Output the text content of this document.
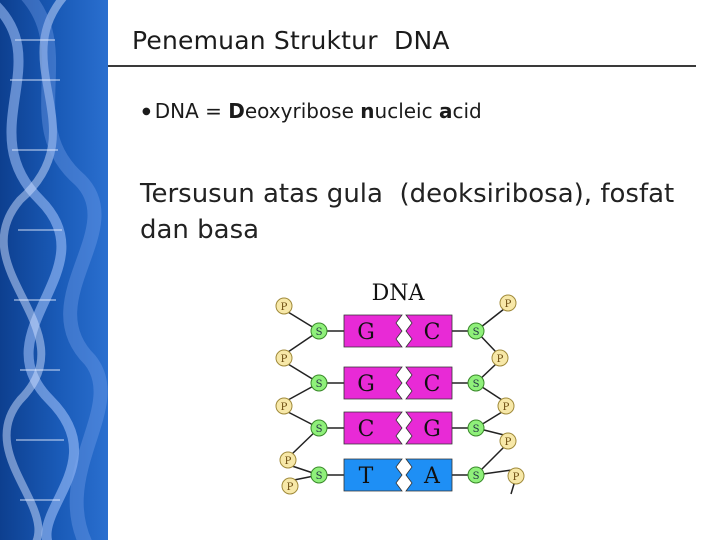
Penemuan Struktur  DNA
● DNA = Deoxyribose nucleic acid
Tersusun atas gula  (deoksiribosa), fosfat
dan basa
DNA
G C
S	S
G C
S	S
C G
S	S
T A
S	S
P
P
P
P
P
P
P
P
P
P
